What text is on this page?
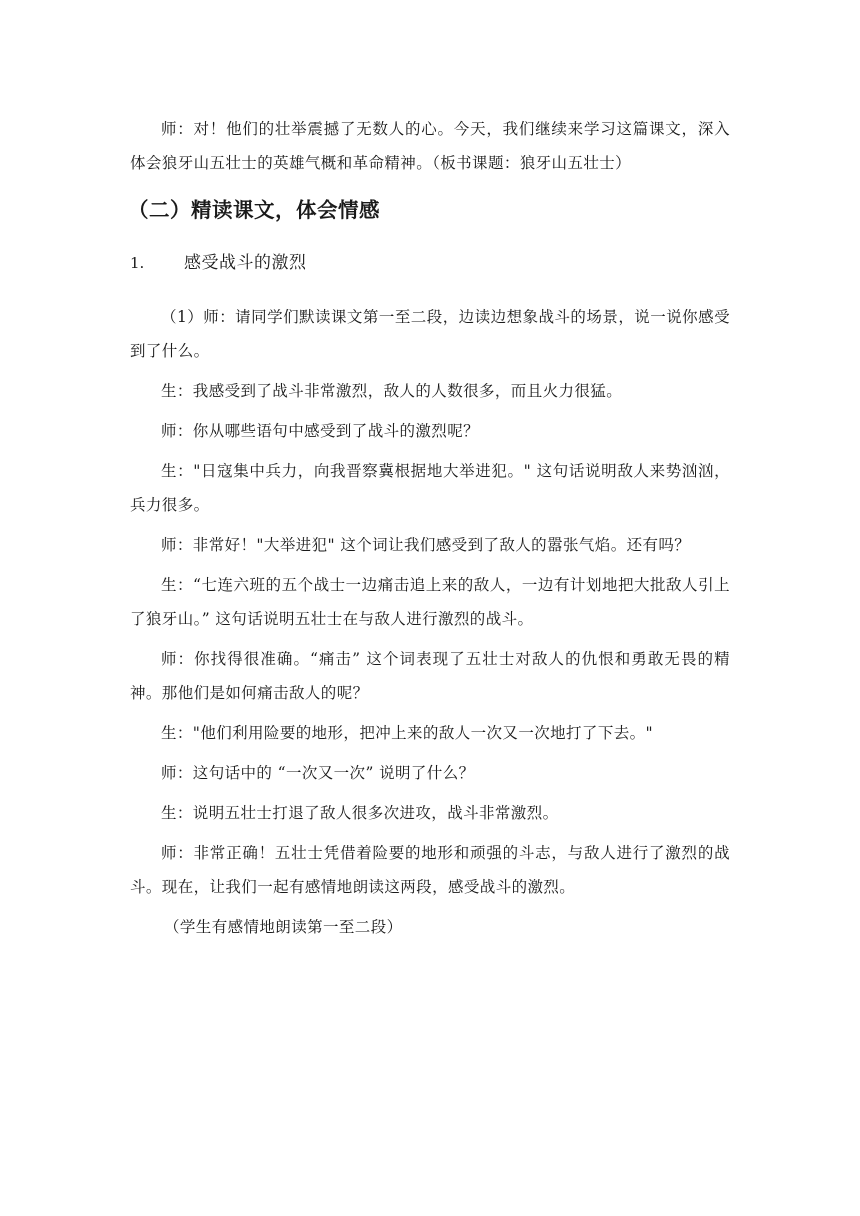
师：对！他们的壮举震撼了无数人的心。今天，我们继续来学习这篇课文，深入体会狼牙山五壮士的英雄气概和革命精神。（板书课题：狼牙山五壮士）

（二）精读课文，体会情感
1.	感受战斗的激烈

（1）师：请同学们默读课文第一至二段，边读边想象战斗的场景，说一说你感受到了什么。

生：我感受到了战斗非常激烈，敌人的人数很多，而且火力很猛。

师：你从哪些语句中感受到了战斗的激烈呢？

生："日寇集中兵力，向我晋察冀根据地大举进犯。" 这句话说明敌人来势汹汹，兵力很多。

师：非常好！"大举进犯" 这个词让我们感受到了敌人的嚣张气焰。还有吗？

生：“七连六班的五个战士一边痛击追上来的敌人，一边有计划地把大批敌人引上了狼牙山。” 这句话说明五壮士在与敌人进行激烈的战斗。

师：你找得很准确。“痛击” 这个词表现了五壮士对敌人的仇恨和勇敢无畏的精神。那他们是如何痛击敌人的呢？

生："他们利用险要的地形，把冲上来的敌人一次又一次地打了下去。"

师：这句话中的 “一次又一次” 说明了什么？

生：说明五壮士打退了敌人很多次进攻，战斗非常激烈。

师：非常正确！五壮士凭借着险要的地形和顽强的斗志，与敌人进行了激烈的战斗。现在，让我们一起有感情地朗读这两段，感受战斗的激烈。

（学生有感情地朗读第一至二段）
